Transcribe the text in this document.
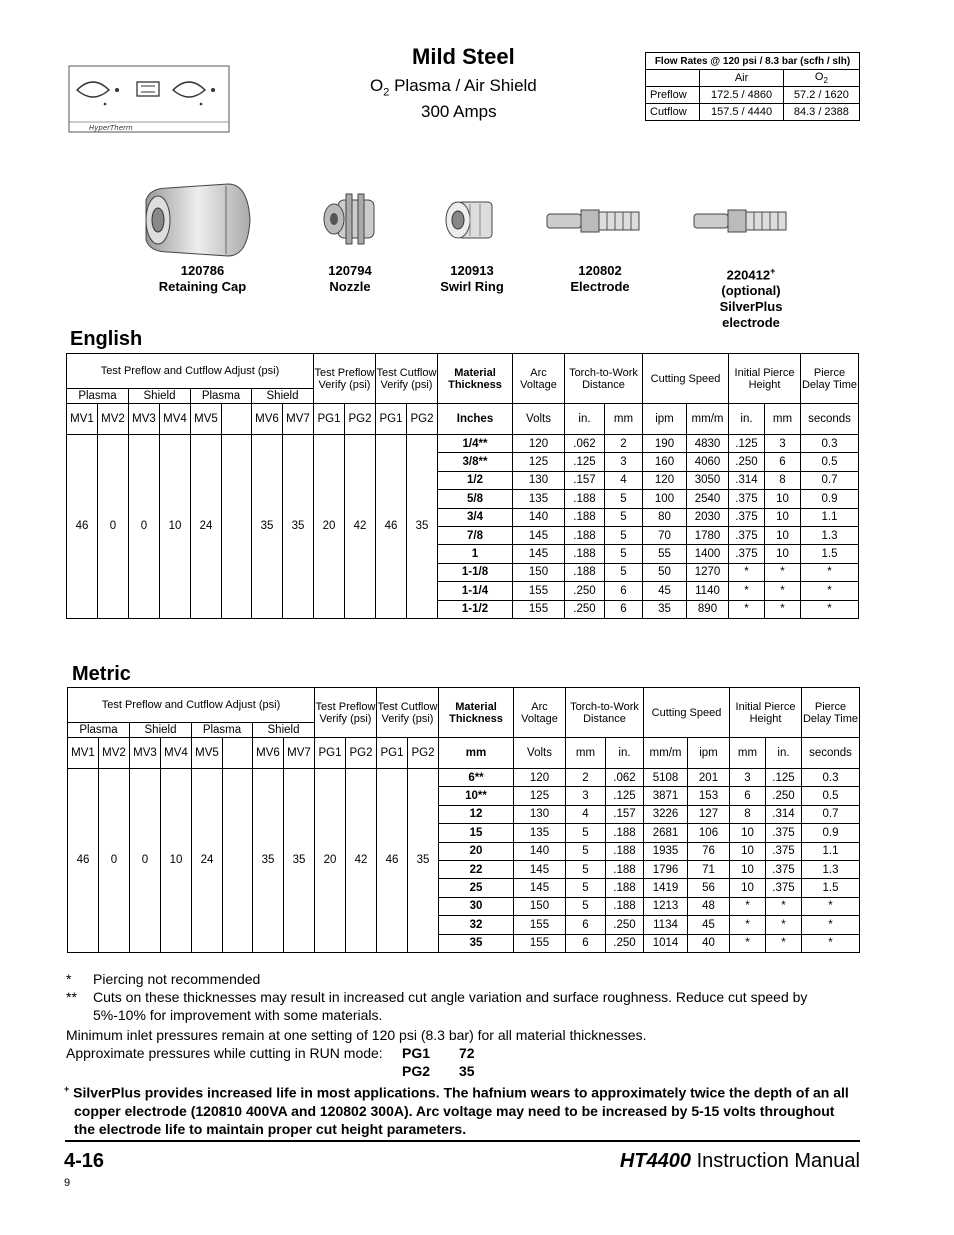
HyperTherm
Mild Steel
$O_2$ Plasma / Air Shield
300 Amps
Flow Rates @ 120 psi / 8.3 bar (scfh / slh)		
	Air	$O_2$
Preflow	172.5 / 4860	57.2 / 1620
Cutflow	157.5 / 4440	84.3 / 2388
120786
Retaining Cap
120794
Nozzle
120913
Swirl Ring
120802
Electrode
220412+
(optional)
SilverPlus
electrode
English
Test Preflow and Cutflow Adjust (psi)								Test Preflow Verify (psi)		Test Cutflow Verify (psi)		Material Thickness	Arc Voltage	Torch-to-Work Distance		Cutting Speed		Initial Pierce Height		Pierce Delay Time
Plasma		Shield		Plasma		Shield														
MV1	MV2	MV3	MV4	MV5		MV6	MV7	PG1	PG2	PG1	PG2	Inches	Volts	in.	mm	ipm	mm/m	in.	mm	seconds
46	0	0	10	24		35	35	20	42	46	35	1/4**	120	.062	2	190	4830	.125	3	0.3
												3/8**	125	.125	3	160	4060	.250	6	0.5
												1/2	130	.157	4	120	3050	.314	8	0.7
												5/8	135	.188	5	100	2540	.375	10	0.9
												3/4	140	.188	5	80	2030	.375	10	1.1
												7/8	145	.188	5	70	1780	.375	10	1.3
												1	145	.188	5	55	1400	.375	10	1.5
												1-1/8	150	.188	5	50	1270	*	*	*
												1-1/4	155	.250	6	45	1140	*	*	*
												1-1/2	155	.250	6	35	890	*	*	*
Metric
Test Preflow and Cutflow Adjust (psi)								Test Preflow Verify (psi)		Test Cutflow Verify (psi)		Material Thickness	Arc Voltage	Torch-to-Work Distance		Cutting Speed		Initial Pierce Height		Pierce Delay Time
Plasma		Shield		Plasma		Shield														
MV1	MV2	MV3	MV4	MV5		MV6	MV7	PG1	PG2	PG1	PG2	mm	Volts	mm	in.	mm/m	ipm	mm	in.	seconds
46	0	0	10	24		35	35	20	42	46	35	6**	120	2	.062	5108	201	3	.125	0.3
												10**	125	3	.125	3871	153	6	.250	0.5
												12	130	4	.157	3226	127	8	.314	0.7
												15	135	5	.188	2681	106	10	.375	0.9
												20	140	5	.188	1935	76	10	.375	1.1
												22	145	5	.188	1796	71	10	.375	1.3
												25	145	5	.188	1419	56	10	.375	1.5
												30	150	5	.188	1213	48	*	*	*
												32	155	6	.250	1134	45	*	*	*
												35	155	6	.250	1014	40	*	*	*
* Piercing not recommended
** Cuts on these thicknesses may result in increased cut angle variation and surface roughness. Reduce cut speed by
5%-10% for improvement with some materials.
Minimum inlet pressures remain at one setting of 120 psi (8.3 bar) for all material thicknesses.
Approximate pressures while cutting in RUN mode: PG1 72
PG2 35
+ SilverPlus provides increased life in most applications. The hafnium wears to approximately twice the depth of an all
copper electrode (120810 400VA and 120802 300A). Arc voltage may need to be increased by 5-15 volts throughout
the electrode life to maintain proper cut height parameters.
4-16	HT4400 Instruction Manual
9
